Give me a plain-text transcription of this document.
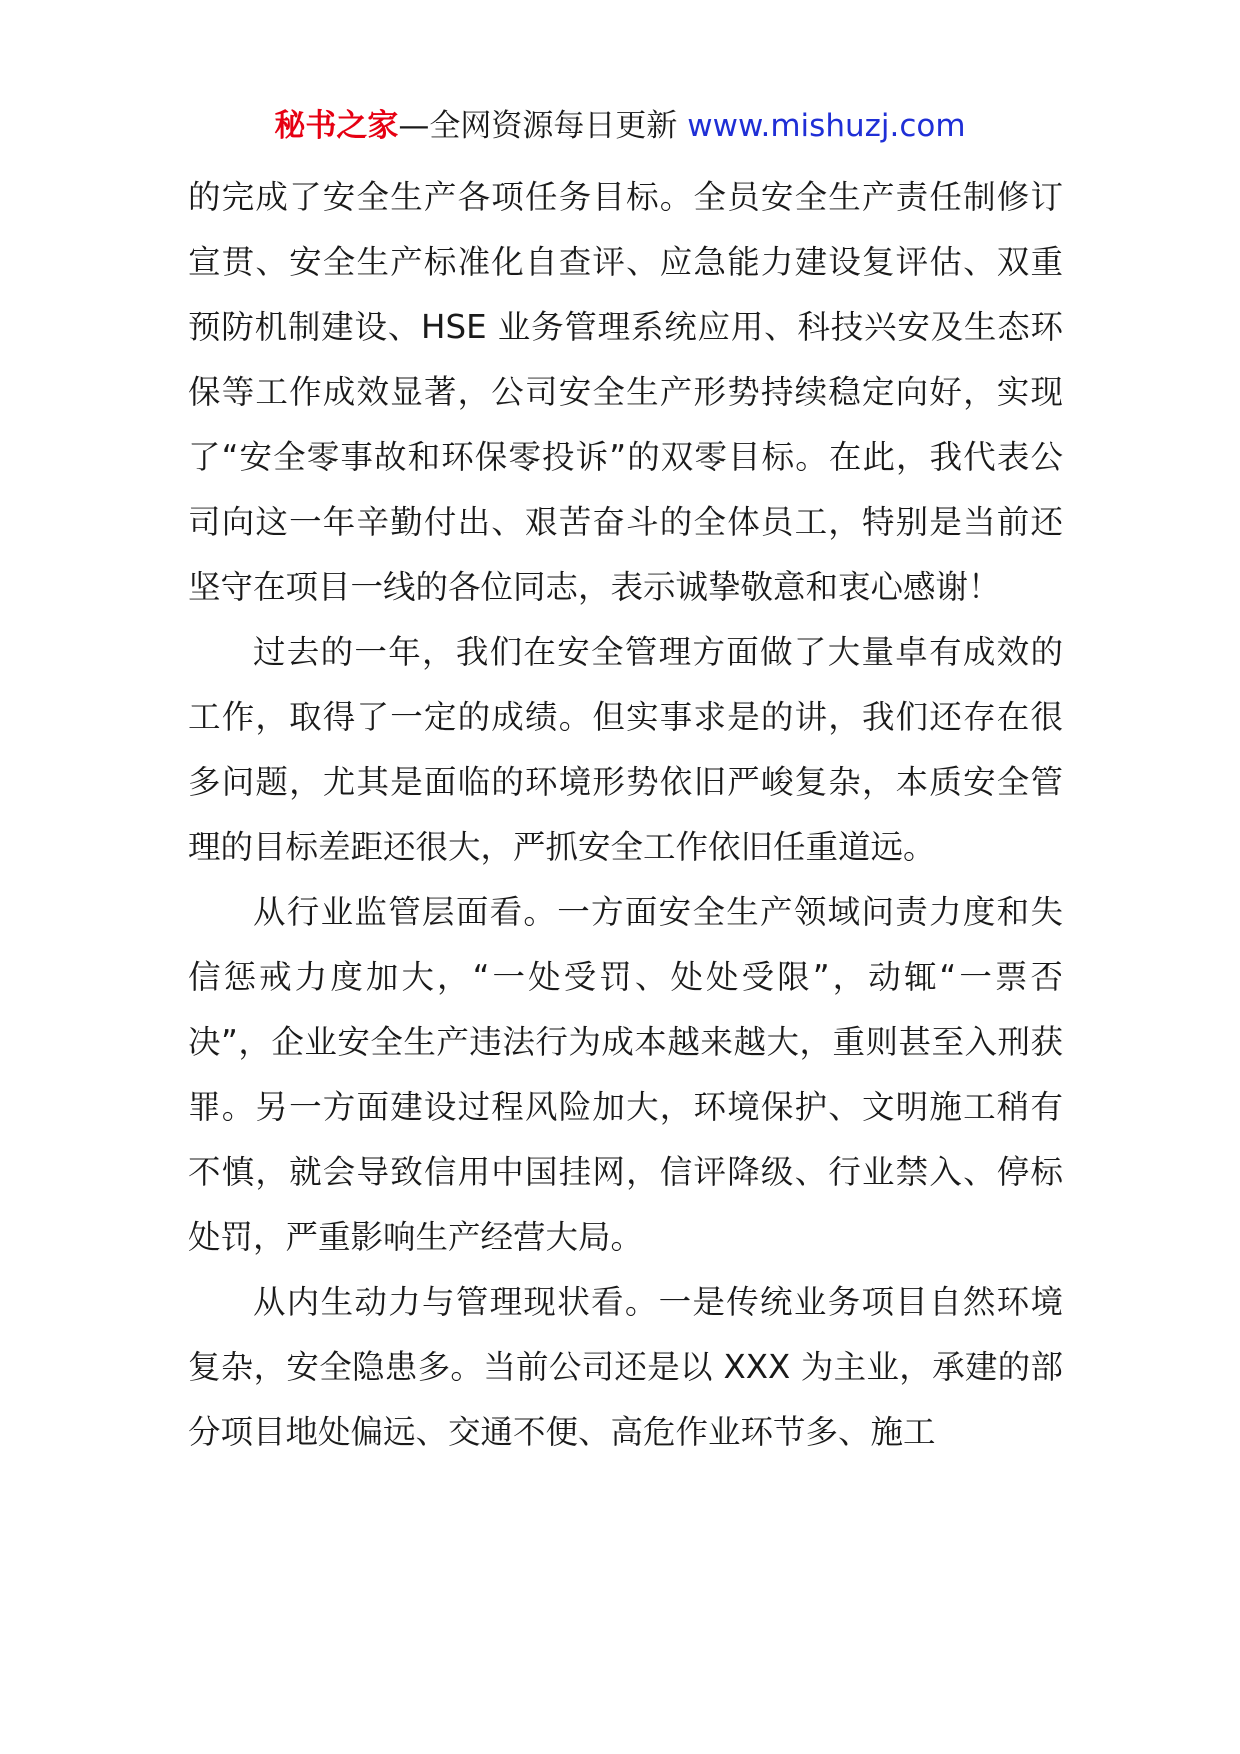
秘书之家—全网资源每日更新 www.mishuzj.com

的完成了安全生产各项任务目标。全员安全生产责任制修订宣贯、安全生产标准化自查评、应急能力建设复评估、双重预防机制建设、HSE 业务管理系统应用、科技兴安及生态环保等工作成效显著，公司安全生产形势持续稳定向好，实现了“安全零事故和环保零投诉”的双零目标。在此，我代表公司向这一年辛勤付出、艰苦奋斗的全体员工，特别是当前还坚守在项目一线的各位同志，表示诚挚敬意和衷心感谢！

过去的一年，我们在安全管理方面做了大量卓有成效的工作，取得了一定的成绩。但实事求是的讲，我们还存在很多问题，尤其是面临的环境形势依旧严峻复杂，本质安全管理的目标差距还很大，严抓安全工作依旧任重道远。

从行业监管层面看。一方面安全生产领域问责力度和失信惩戒力度加大，“一处受罚、处处受限”，动辄“一票否决”，企业安全生产违法行为成本越来越大，重则甚至入刑获罪。另一方面建设过程风险加大，环境保护、文明施工稍有不慎，就会导致信用中国挂网，信评降级、行业禁入、停标处罚，严重影响生产经营大局。

从内生动力与管理现状看。一是传统业务项目自然环境复杂，安全隐患多。当前公司还是以 XXX 为主业，承建的部分项目地处偏远、交通不便、高危作业环节多、施工
